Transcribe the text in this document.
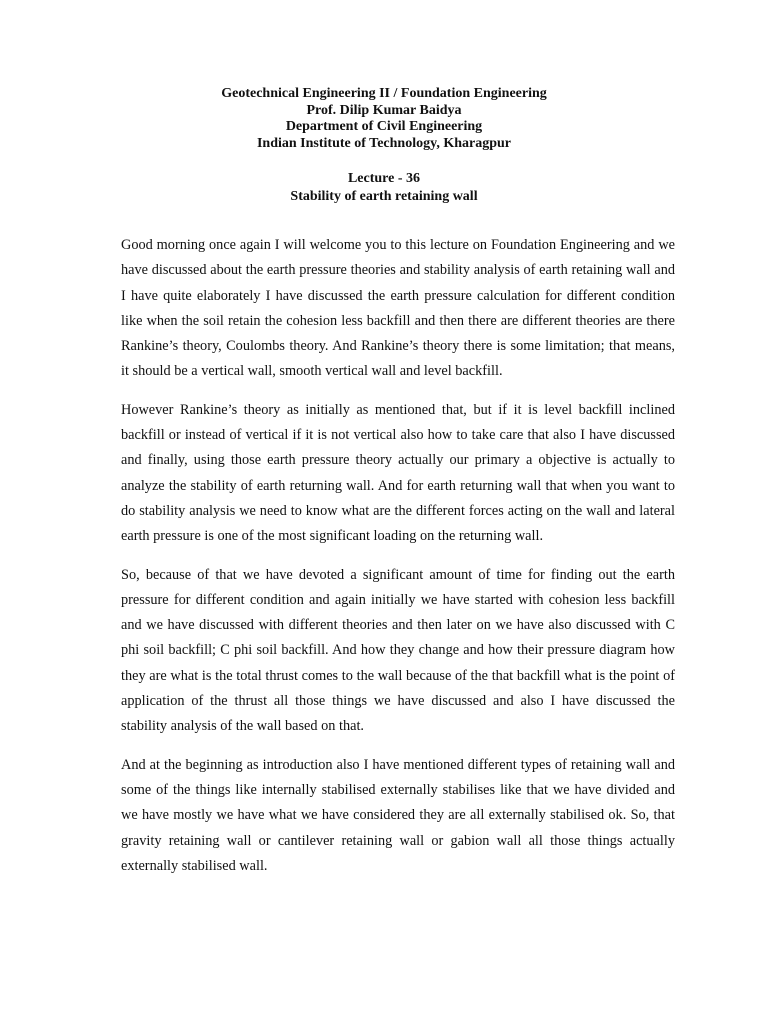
Geotechnical Engineering II / Foundation Engineering
Prof. Dilip Kumar Baidya
Department of Civil Engineering
Indian Institute of Technology, Kharagpur
Lecture - 36
Stability of earth retaining wall

Good morning once again I will welcome you to this lecture on Foundation Engineering and we have discussed about the earth pressure theories and stability analysis of earth retaining wall and I have quite elaborately I have discussed the earth pressure calculation for different condition like when the soil retain the cohesion less backfill and then there are different theories are there Rankine’s theory, Coulombs theory. And Rankine’s theory there is some limitation; that means, it should be a vertical wall, smooth vertical wall and level backfill.

However Rankine’s theory as initially as mentioned that, but if it is level backfill inclined backfill or instead of vertical if it is not vertical also how to take care that also I have discussed and finally, using those earth pressure theory actually our primary a objective is actually to analyze the stability of earth returning wall. And for earth returning wall that when you want to do stability analysis we need to know what are the different forces acting on the wall and lateral earth pressure is one of the most significant loading on the returning wall.

So, because of that we have devoted a significant amount of time for finding out the earth pressure for different condition and again initially we have started with cohesion less backfill and we have discussed with different theories and then later on we have also discussed with C phi soil backfill; C phi soil backfill. And how they change and how their pressure diagram how they are what is the total thrust comes to the wall because of the that backfill what is the point of application of the thrust all those things we have discussed and also I have discussed the stability analysis of the wall based on that.

And at the beginning as introduction also I have mentioned different types of retaining wall and some of the things like internally stabilised externally stabilises like that we have divided and we have mostly we have what we have considered they are all externally stabilised ok. So, that gravity retaining wall or cantilever retaining wall or gabion wall all those things actually externally stabilised wall.
